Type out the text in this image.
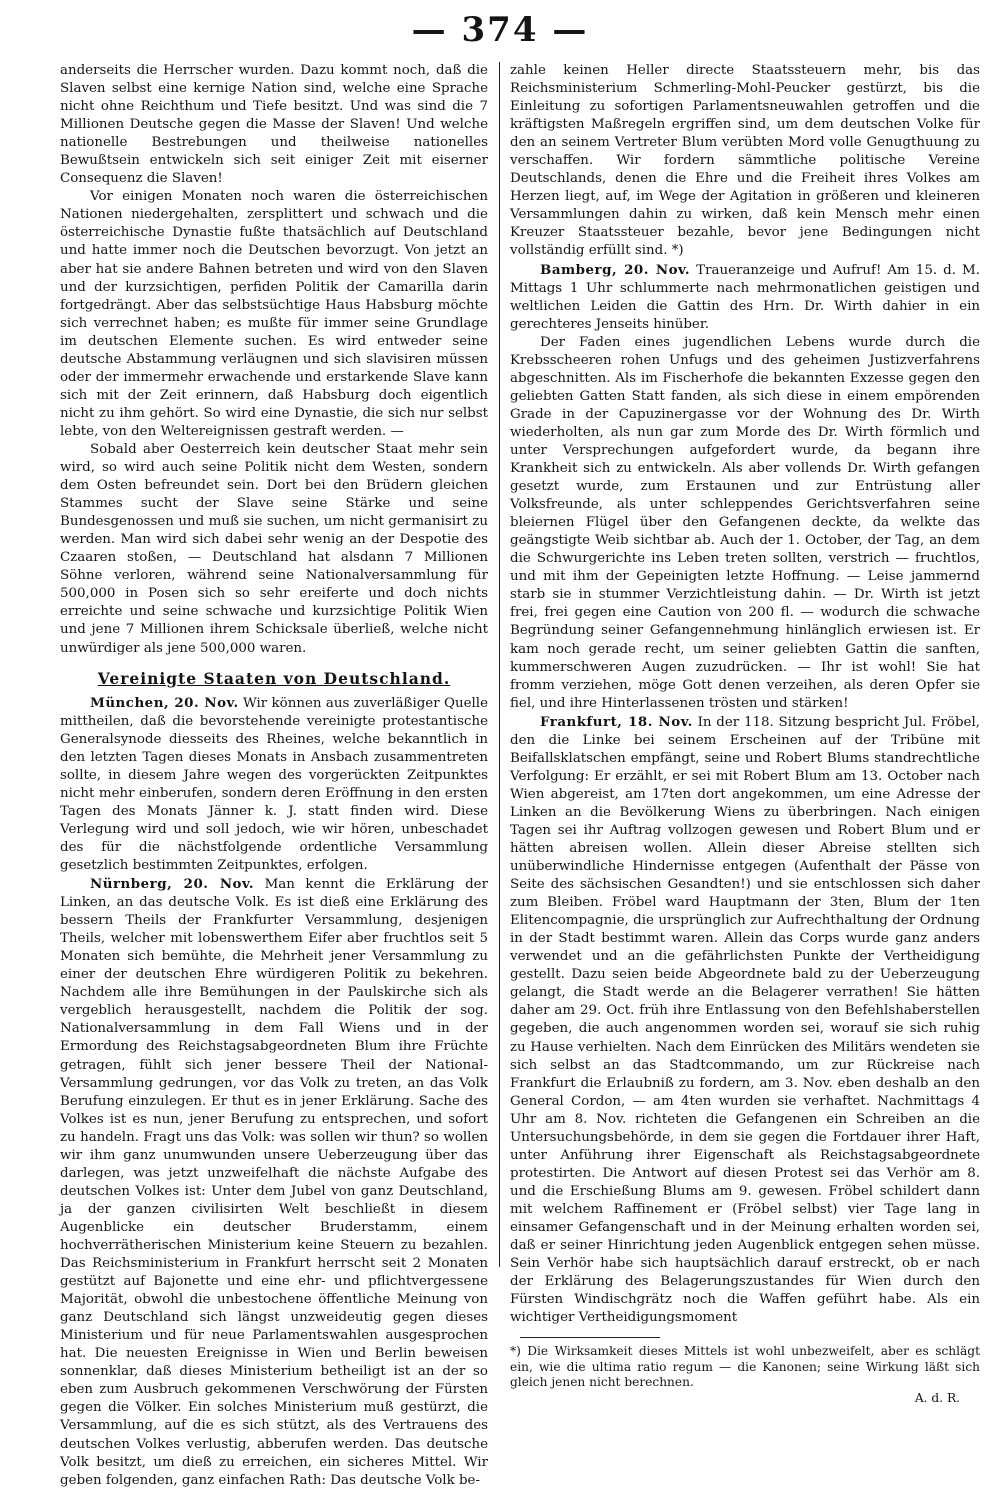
— 374 —

anderseits die Herrscher wurden. Dazu kommt noch, daß die Slaven selbst eine kernige Nation sind, welche eine Sprache nicht ohne Reichthum und Tiefe besitzt. Und was sind die 7 Millionen Deutsche gegen die Masse der Slaven! Und welche nationelle Bestrebungen und theilweise nationelles Bewußtsein entwickeln sich seit einiger Zeit mit eiserner Consequenz die Slaven!

Vor einigen Monaten noch waren die österreichischen Nationen niedergehalten, zersplittert und schwach und die österreichische Dynastie fußte thatsächlich auf Deutschland und hatte immer noch die Deutschen bevorzugt. Von jetzt an aber hat sie andere Bahnen betreten und wird von den Slaven und der kurzsichtigen, perfiden Politik der Camarilla darin fortgedrängt. Aber das selbstsüchtige Haus Habsburg möchte sich verrechnet haben; es mußte für immer seine Grundlage im deutschen Elemente suchen. Es wird entweder seine deutsche Abstammung verläugnen und sich slavisiren müssen oder der immermehr erwachende und erstarkende Slave kann sich mit der Zeit erinnern, daß Habsburg doch eigentlich nicht zu ihm gehört. So wird eine Dynastie, die sich nur selbst lebte, von den Weltereignissen gestraft werden. —

Sobald aber Oesterreich kein deutscher Staat mehr sein wird, so wird auch seine Politik nicht dem Westen, sondern dem Osten befreundet sein. Dort bei den Brüdern gleichen Stammes sucht der Slave seine Stärke und seine Bundesgenossen und muß sie suchen, um nicht germanisirt zu werden. Man wird sich dabei sehr wenig an der Despotie des Czaaren stoßen, — Deutschland hat alsdann 7 Millionen Söhne verloren, während seine Nationalversammlung für 500,000 in Posen sich so sehr ereiferte und doch nichts erreichte und seine schwache und kurzsichtige Politik Wien und jene 7 Millionen ihrem Schicksale überließ, welche nicht unwürdiger als jene 500,000 waren.

Vereinigte Staaten von Deutschland.

München, 20. Nov. Wir können aus zuverläßiger Quelle mittheilen, daß die bevorstehende vereinigte protestantische Generalsynode diesseits des Rheines, welche bekanntlich in den letzten Tagen dieses Monats in Ansbach zusammentreten sollte, in diesem Jahre wegen des vorgerückten Zeitpunktes nicht mehr einberufen, sondern deren Eröffnung in den ersten Tagen des Monats Jänner k. J. statt finden wird. Diese Verlegung wird und soll jedoch, wie wir hören, unbeschadet des für die nächstfolgende ordentliche Versammlung gesetzlich bestimmten Zeitpunktes, erfolgen.

Nürnberg, 20. Nov. Man kennt die Erklärung der Linken, an das deutsche Volk. Es ist dieß eine Erklärung des bessern Theils der Frankfurter Versammlung, desjenigen Theils, welcher mit lobenswerthem Eifer aber fruchtlos seit 5 Monaten sich bemühte, die Mehrheit jener Versammlung zu einer der deutschen Ehre würdigeren Politik zu bekehren. Nachdem alle ihre Bemühungen in der Paulskirche sich als vergeblich herausgestellt, nachdem die Politik der sog. Nationalversammlung in dem Fall Wiens und in der Ermordung des Reichstagsabgeordneten Blum ihre Früchte getragen, fühlt sich jener bessere Theil der National-Versammlung gedrungen, vor das Volk zu treten, an das Volk Berufung einzulegen. Er thut es in jener Erklärung. Sache des Volkes ist es nun, jener Berufung zu entsprechen, und sofort zu handeln. Fragt uns das Volk: was sollen wir thun? so wollen wir ihm ganz unumwunden unsere Ueberzeugung über das darlegen, was jetzt unzweifelhaft die nächste Aufgabe des deutschen Volkes ist: Unter dem Jubel von ganz Deutschland, ja der ganzen civilisirten Welt beschließt in diesem Augenblicke ein deutscher Bruderstamm, einem hochverrätherischen Ministerium keine Steuern zu bezahlen. Das Reichsministerium in Frankfurt herrscht seit 2 Monaten gestützt auf Bajonette und eine ehr- und pflichtvergessene Majorität, obwohl die unbestochene öffentliche Meinung von ganz Deutschland sich längst unzweideutig gegen dieses Ministerium und für neue Parlamentswahlen ausgesprochen hat. Die neuesten Ereignisse in Wien und Berlin beweisen sonnenklar, daß dieses Ministerium betheiligt ist an der so eben zum Ausbruch gekommenen Verschwörung der Fürsten gegen die Völker. Ein solches Ministerium muß gestürzt, die Versammlung, auf die es sich stützt, als des Vertrauens des deutschen Volkes verlustig, abberufen werden. Das deutsche Volk besitzt, um dieß zu erreichen, ein sicheres Mittel. Wir geben folgenden, ganz einfachen Rath: Das deutsche Volk be-

zahle keinen Heller directe Staatssteuern mehr, bis das Reichsministerium Schmerling-Mohl-Peucker gestürzt, bis die Einleitung zu sofortigen Parlamentsneuwahlen getroffen und die kräftigsten Maßregeln ergriffen sind, um dem deutschen Volke für den an seinem Vertreter Blum verübten Mord volle Genugthuung zu verschaffen. Wir fordern sämmtliche politische Vereine Deutschlands, denen die Ehre und die Freiheit ihres Volkes am Herzen liegt, auf, im Wege der Agitation in größeren und kleineren Versammlungen dahin zu wirken, daß kein Mensch mehr einen Kreuzer Staatssteuer bezahle, bevor jene Bedingungen nicht vollständig erfüllt sind. *)

Bamberg, 20. Nov. Traueranzeige und Aufruf! Am 15. d. M. Mittags 1 Uhr schlummerte nach mehrmonatlichen geistigen und weltlichen Leiden die Gattin des Hrn. Dr. Wirth dahier in ein gerechteres Jenseits hinüber.

Der Faden eines jugendlichen Lebens wurde durch die Krebsscheeren rohen Unfugs und des geheimen Justizverfahrens abgeschnitten. Als im Fischerhofe die bekannten Exzesse gegen den geliebten Gatten Statt fanden, als sich diese in einem empörenden Grade in der Capuzinergasse vor der Wohnung des Dr. Wirth wiederholten, als nun gar zum Morde des Dr. Wirth förmlich und unter Versprechungen aufgefordert wurde, da begann ihre Krankheit sich zu entwickeln. Als aber vollends Dr. Wirth gefangen gesetzt wurde, zum Erstaunen und zur Entrüstung aller Volksfreunde, als unter schleppendes Gerichtsverfahren seine bleiernen Flügel über den Gefangenen deckte, da welkte das geängstigte Weib sichtbar ab. Auch der 1. October, der Tag, an dem die Schwurgerichte ins Leben treten sollten, verstrich — fruchtlos, und mit ihm der Gepeinigten letzte Hoffnung. — Leise jammernd starb sie in stummer Verzichtleistung dahin. — Dr. Wirth ist jetzt frei, frei gegen eine Caution von 200 fl. — wodurch die schwache Begründung seiner Gefangennehmung hinlänglich erwiesen ist. Er kam noch gerade recht, um seiner geliebten Gattin die sanften, kummerschweren Augen zuzudrücken. — Ihr ist wohl! Sie hat fromm verziehen, möge Gott denen verzeihen, als deren Opfer sie fiel, und ihre Hinterlassenen trösten und stärken!

Frankfurt, 18. Nov. In der 118. Sitzung bespricht Jul. Fröbel, den die Linke bei seinem Erscheinen auf der Tribüne mit Beifallsklatschen empfängt, seine und Robert Blums standrechtliche Verfolgung: Er erzählt, er sei mit Robert Blum am 13. October nach Wien abgereist, am 17ten dort angekommen, um eine Adresse der Linken an die Bevölkerung Wiens zu überbringen. Nach einigen Tagen sei ihr Auftrag vollzogen gewesen und Robert Blum und er hätten abreisen wollen. Allein dieser Abreise stellten sich unüberwindliche Hindernisse entgegen (Aufenthalt der Pässe von Seite des sächsischen Gesandten!) und sie entschlossen sich daher zum Bleiben. Fröbel ward Hauptmann der 3ten, Blum der 1ten Elitencompagnie, die ursprünglich zur Aufrechthaltung der Ordnung in der Stadt bestimmt waren. Allein das Corps wurde ganz anders verwendet und an die gefährlichsten Punkte der Vertheidigung gestellt. Dazu seien beide Abgeordnete bald zu der Ueberzeugung gelangt, die Stadt werde an die Belagerer verrathen! Sie hätten daher am 29. Oct. früh ihre Entlassung von den Befehlshaberstellen gegeben, die auch angenommen worden sei, worauf sie sich ruhig zu Hause verhielten. Nach dem Einrücken des Militärs wendeten sie sich selbst an das Stadtcommando, um zur Rückreise nach Frankfurt die Erlaubniß zu fordern, am 3. Nov. eben deshalb an den General Cordon, — am 4ten wurden sie verhaftet. Nachmittags 4 Uhr am 8. Nov. richteten die Gefangenen ein Schreiben an die Untersuchungsbehörde, in dem sie gegen die Fortdauer ihrer Haft, unter Anführung ihrer Eigenschaft als Reichstagsabgeordnete protestirten. Die Antwort auf diesen Protest sei das Verhör am 8. und die Erschießung Blums am 9. gewesen. Fröbel schildert dann mit welchem Raffinement er (Fröbel selbst) vier Tage lang in einsamer Gefangenschaft und in der Meinung erhalten worden sei, daß er seiner Hinrichtung jeden Augenblick entgegen sehen müsse. Sein Verhör habe sich hauptsächlich darauf erstreckt, ob er nach der Erklärung des Belagerungszustandes für Wien durch den Fürsten Windischgrätz noch die Waffen geführt habe. Als ein wichtiger Vertheidigungsmoment

*) Die Wirksamkeit dieses Mittels ist wohl unbezweifelt, aber es schlägt ein, wie die ultima ratio regum — die Kanonen; seine Wirkung läßt sich gleich jenen nicht berechnen.
A. d. R.
